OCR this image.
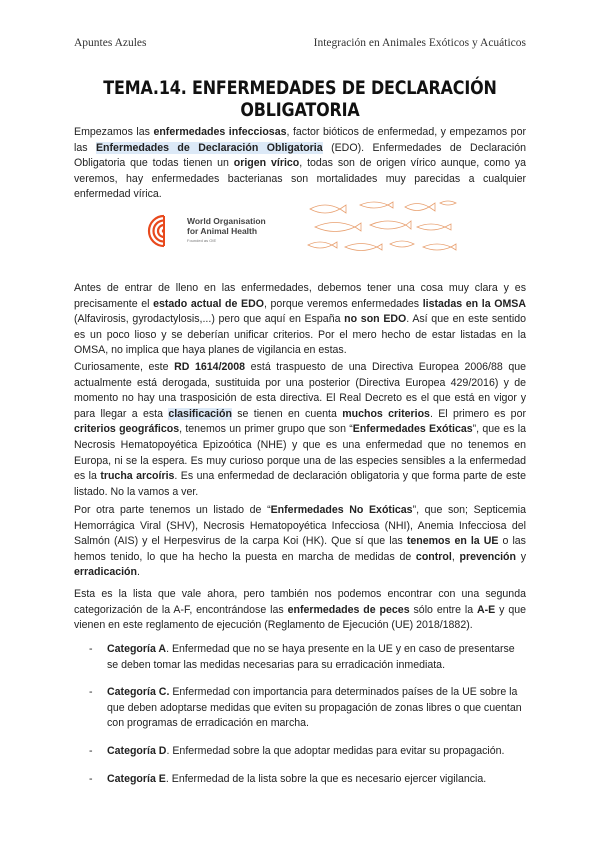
Apuntes Azules	Integración en Animales Exóticos y Acuáticos
TEMA.14. ENFERMEDADES DE DECLARACIÓN OBLIGATORIA
Empezamos las enfermedades infecciosas, factor bióticos de enfermedad, y empezamos por las Enfermedades de Declaración Obligatoria (EDO). Enfermedades de Declaración Obligatoria que todas tienen un origen vírico, todas son de origen vírico aunque, como ya veremos, hay enfermedades bacterianas son mortalidades muy parecidas a cualquier enfermedad vírica.
World Organisation
for Animal Health
Founded as OIE
Antes de entrar de lleno en las enfermedades, debemos tener una cosa muy clara y es precisamente el estado actual de EDO, porque veremos enfermedades listadas en la OMSA (Alfavirosis, gyrodactylosis,...) pero que aquí en España no son EDO. Así que en este sentido es un poco lioso y se deberían unificar criterios. Por el mero hecho de estar listadas en la OMSA, no implica que haya planes de vigilancia en estas.
Curiosamente, este RD 1614/2008 está traspuesto de una Directiva Europea 2006/88 que actualmente está derogada, sustituida por una posterior (Directiva Europea 429/2016) y de momento no hay una trasposición de esta directiva. El Real Decreto es el que está en vigor y para llegar a esta clasificación se tienen en cuenta muchos criterios. El primero es por criterios geográficos, tenemos un primer grupo que son “Enfermedades Exóticas”, que es la Necrosis Hematopoyética Epizoótica (NHE) y que es una enfermedad que no tenemos en Europa, ni se la espera. Es muy curioso porque una de las especies sensibles a la enfermedad es la trucha arcoíris. Es una enfermedad de declaración obligatoria y que forma parte de este listado. No la vamos a ver.
Por otra parte tenemos un listado de “Enfermedades No Exóticas”, que son; Septicemia Hemorrágica Viral (SHV), Necrosis Hematopoyética Infecciosa (NHI), Anemia Infecciosa del Salmón (AIS) y el Herpesvirus de la carpa Koi (HK). Que sí que las tenemos en la UE o las hemos tenido, lo que ha hecho la puesta en marcha de medidas de control, prevención y erradicación.
Esta es la lista que vale ahora, pero también nos podemos encontrar con una segunda categorización de la A-F, encontrándose las enfermedades de peces sólo entre la A-E y que vienen en este reglamento de ejecución (Reglamento de Ejecución (UE) 2018/1882).
- Categoría A. Enfermedad que no se haya presente en la UE y en caso de presentarse se deben tomar las medidas necesarias para su erradicación inmediata.
- Categoría C. Enfermedad con importancia para determinados países de la UE sobre la que deben adoptarse medidas que eviten su propagación de zonas libres o que cuentan con programas de erradicación en marcha.
- Categoría D. Enfermedad sobre la que adoptar medidas para evitar su propagación.
- Categoría E. Enfermedad de la lista sobre la que es necesario ejercer vigilancia.
